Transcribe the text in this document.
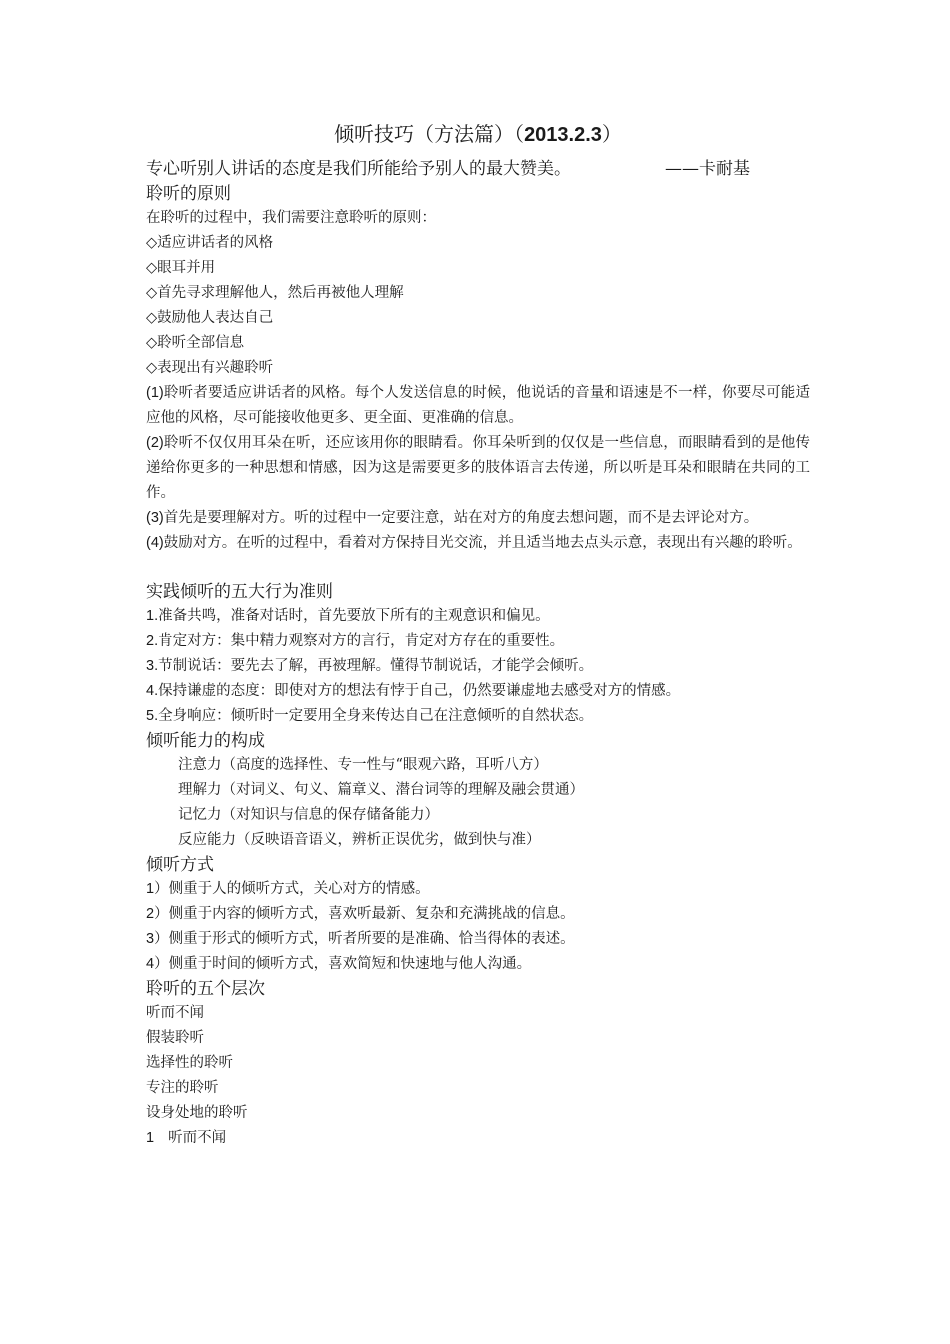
倾听技巧（方法篇）（2013.2.3）
专心听别人讲话的态度是我们所能给予别人的最大赞美。	——卡耐基
聆听的原则

在聆听的过程中，我们需要注意聆听的原则：

◇适应讲话者的风格

◇眼耳并用

◇首先寻求理解他人，然后再被他人理解

◇鼓励他人表达自己

◇聆听全部信息

◇表现出有兴趣聆听

(1)聆听者要适应讲话者的风格。每个人发送信息的时候，他说话的音量和语速是不一样，你要尽可能适应他的风格，尽可能接收他更多、更全面、更准确的信息。

(2)聆听不仅仅用耳朵在听，还应该用你的眼睛看。你耳朵听到的仅仅是一些信息，而眼睛看到的是他传递给你更多的一种思想和情感，因为这是需要更多的肢体语言去传递，所以听是耳朵和眼睛在共同的工作。

(3)首先是要理解对方。听的过程中一定要注意，站在对方的角度去想问题，而不是去评论对方。

(4)鼓励对方。在听的过程中，看着对方保持目光交流，并且适当地去点头示意，表现出有兴趣的聆听。

实践倾听的五大行为准则

1.准备共鸣，准备对话时，首先要放下所有的主观意识和偏见。

2.肯定对方：集中精力观察对方的言行，肯定对方存在的重要性。

3.节制说话：要先去了解，再被理解。懂得节制说话，才能学会倾听。

4.保持谦虚的态度：即使对方的想法有悖于自己，仍然要谦虚地去感受对方的情感。

5.全身响应：倾听时一定要用全身来传达自己在注意倾听的自然状态。

倾听能力的构成

注意力（高度的选择性、专一性与“眼观六路，耳听八方）

理解力（对词义、句义、篇章义、潜台词等的理解及融会贯通）

记忆力（对知识与信息的保存储备能力）

反应能力（反映语音语义，辨析正误优劣，做到快与准）

倾听方式

1）侧重于人的倾听方式，关心对方的情感。

2）侧重于内容的倾听方式，喜欢听最新、复杂和充满挑战的信息。

3）侧重于形式的倾听方式，听者所要的是准确、恰当得体的表述。

4）侧重于时间的倾听方式，喜欢简短和快速地与他人沟通。

聆听的五个层次

听而不闻

假装聆听

选择性的聆听

专注的聆听

设身处地的聆听

1 听而不闻
